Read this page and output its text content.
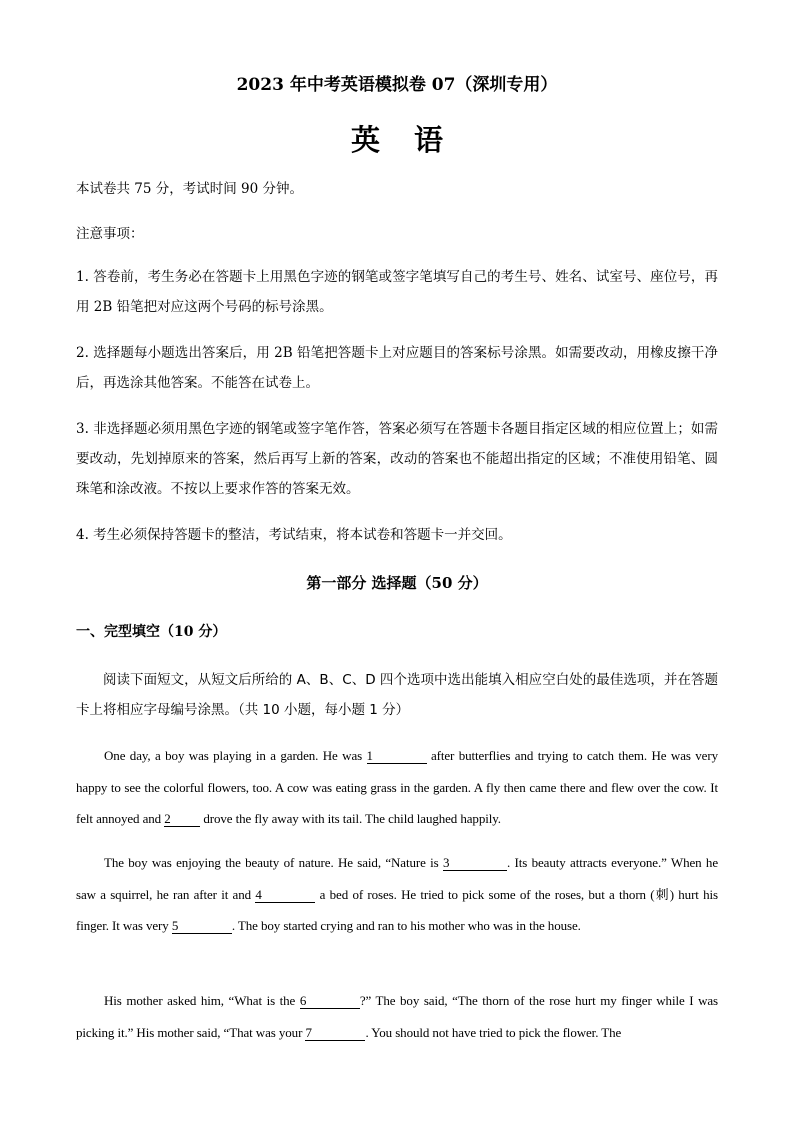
2023 年中考英语模拟卷 07（深圳专用）
英语

本试卷共 75 分，考试时间 90 分钟。

注意事项：

1. 答卷前，考生务必在答题卡上用黑色字迹的钢笔或签字笔填写自己的考生号、姓名、试室号、座位号，再用 2B 铅笔把对应这两个号码的标号涂黑。

2. 选择题每小题选出答案后，用 2B 铅笔把答题卡上对应题目的答案标号涂黑。如需要改动，用橡皮擦干净后，再选涂其他答案。不能答在试卷上。

3. 非选择题必须用黑色字迹的钢笔或签字笔作答，答案必须写在答题卡各题目指定区域的相应位置上；如需要改动，先划掉原来的答案，然后再写上新的答案，改动的答案也不能超出指定的区域；不准使用铅笔、圆珠笔和涂改液。不按以上要求作答的答案无效。

4. 考生必须保持答题卡的整洁，考试结束，将本试卷和答题卡一并交回。

第一部分 选择题（50 分）
一、完型填空（10 分）

阅读下面短文，从短文后所给的 A、B、C、D 四个选项中选出能填入相应空白处的最佳选项，并在答题卡上将相应字母编号涂黑。（共 10 小题，每小题 1 分）

One day, a boy was playing in a garden. He was 1	after butterflies and trying to catch them. He was very happy to see the colorful flowers, too. A cow was eating grass in the garden. A fly then came there and flew over the cow. It felt annoyed and 2 drove the fly away with its tail. The child laughed happily.

The boy was enjoying the beauty of nature. He said, “Nature is 3	. Its beauty attracts everyone.” When he saw a squirrel, he ran after it and 4	a bed of roses. He tried to pick some of the roses, but a thorn (刺) hurt his finger. It was very 5	. The boy started crying and ran to his mother who was in the house.

His mother asked him, “What is the 6	?” The boy said, “The thorn of the rose hurt my finger while I was picking it.” His mother said, “That was your 7	. You should not have tried to pick the flower. The
